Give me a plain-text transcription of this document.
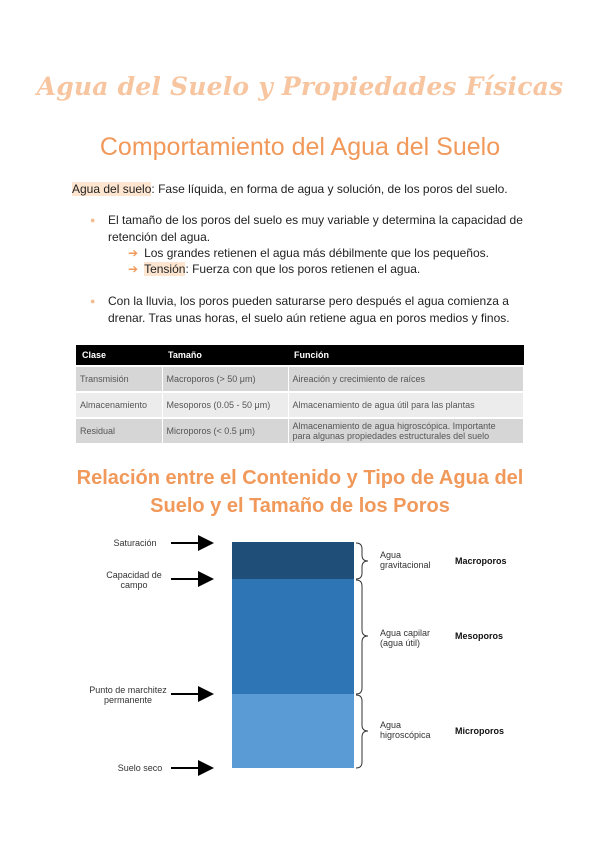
Agua del Suelo y Propiedades Físicas
Comportamiento del Agua del Suelo
Agua del suelo: Fase líquida, en forma de agua y solución, de los poros del suelo.
● El tamaño de los poros del suelo es muy variable y determina la capacidad de
retención del agua.
➔ Los grandes retienen el agua más débilmente que los pequeños.
➔ Tensión: Fuerza con que los poros retienen el agua.
● Con la lluvia, los poros pueden saturarse pero después el agua comienza a
drenar. Tras unas horas, el suelo aún retiene agua en poros medios y finos.
Clase	Tamaño	Función
Transmisión	Macroporos (> 50 μm)	Aireación y crecimiento de raíces
Almacenamiento	Mesoporos (0.05 - 50 μm)	Almacenamiento de agua útil para las plantas
Residual	Microporos (< 0.5 μm)	Almacenamiento de agua higroscópica. Importante
para algunas propiedades estructurales del suelo
Relación entre el Contenido y Tipo de Agua del
Suelo y el Tamaño de los Poros
Saturación
Capacidad de
campo
Punto de marchitez
permanente
Suelo seco
Agua
gravitacional
Agua capilar
(agua útil)
Agua
higroscópica
Macroporos
Mesoporos
Microporos
